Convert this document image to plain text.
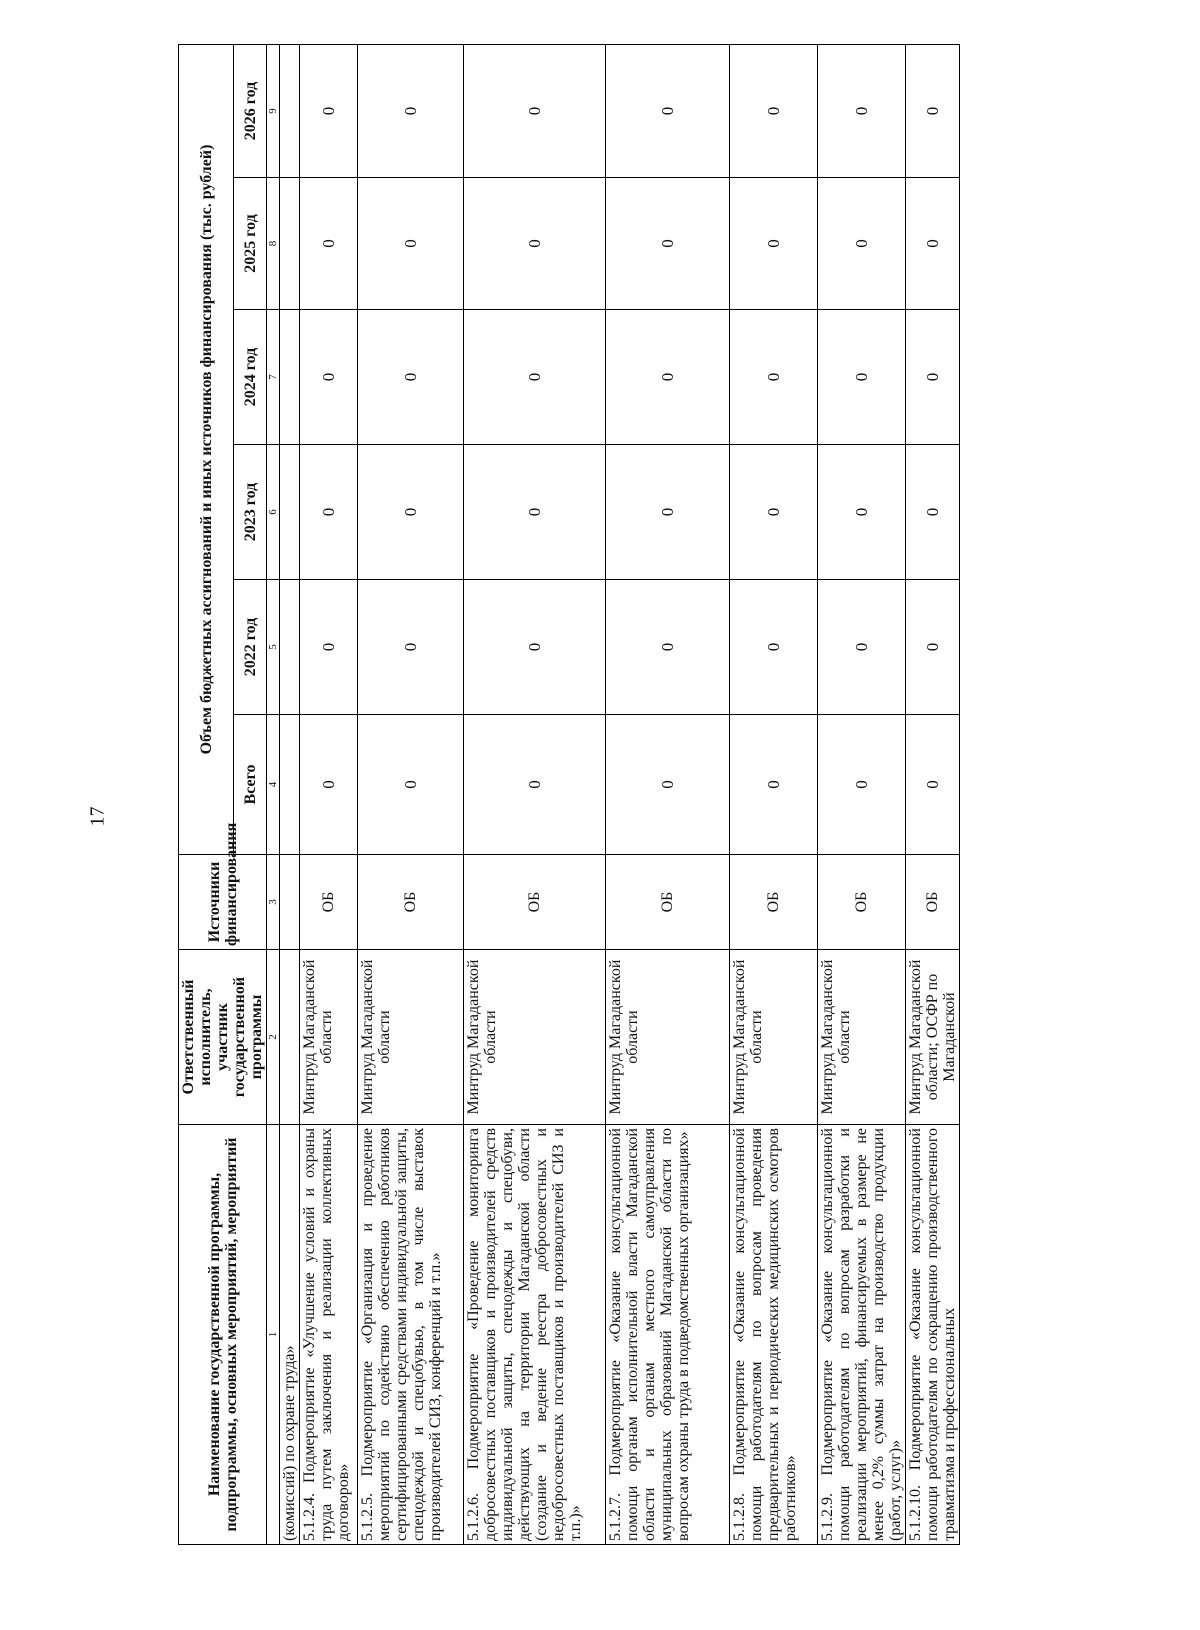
17
Наименование государственной программы, подпрограммы, основных мероприятий, мероприятий	Ответственный исполнитель, участник государственной программы	Источники финансирования	Объем бюджетных ассигнований и иных источников финансирования (тыс. рублей)					
			Всего	2022 год	2023 год	2024 год	2025 год	2026 год
1	2	3	4	5	6	7	8	9
(комиссий) по охране труда»								
5.1.2.4. Подмероприятие «Улучшение условий и охраны труда путем заключения и реализации коллективных договоров»	Минтруд Магаданской области	ОБ	0	0	0	0	0	0
5.1.2.5. Подмероприятие «Организация и проведение мероприятий по содействию обеспечению работников сертифицированными средствами индивидуальной защиты, спецодеждой и спецобувью, в том числе выставок производителей СИЗ, конференций и т.п.»	Минтруд Магаданской области	ОБ	0	0	0	0	0	0
5.1.2.6. Подмероприятие «Проведение мониторинга добросовестных поставщиков и производителей средств индивидуальной защиты, спецодежды и спецобуви, действующих на территории Магаданской области (создание и ведение реестра добросовестных и недобросовестных поставщиков и производителей СИЗ и т.п.)»	Минтруд Магаданской области	ОБ	0	0	0	0	0	0
5.1.2.7. Подмероприятие «Оказание консультационной помощи органам исполнительной власти Магаданской области и органам местного самоуправления муниципальных образований Магаданской области по вопросам охраны труда в подведомственных организациях»	Минтруд Магаданской области	ОБ	0	0	0	0	0	0
5.1.2.8. Подмероприятие «Оказание консультационной помощи работодателям по вопросам проведения предварительных и периодических медицинских осмотров работников»	Минтруд Магаданской области	ОБ	0	0	0	0	0	0
5.1.2.9. Подмероприятие «Оказание консультационной помощи работодателям по вопросам разработки и реализации мероприятий, финансируемых в размере не менее 0,2% суммы затрат на производство продукции (работ, услуг)»	Минтруд Магаданской области	ОБ	0	0	0	0	0	0
5.1.2.10. Подмероприятие «Оказание консультационной помощи работодателям по сокращению производственного травматизма и профессиональных	Минтруд Магаданской области; ОСФР по Магаданской	ОБ	0	0	0	0	0	0
